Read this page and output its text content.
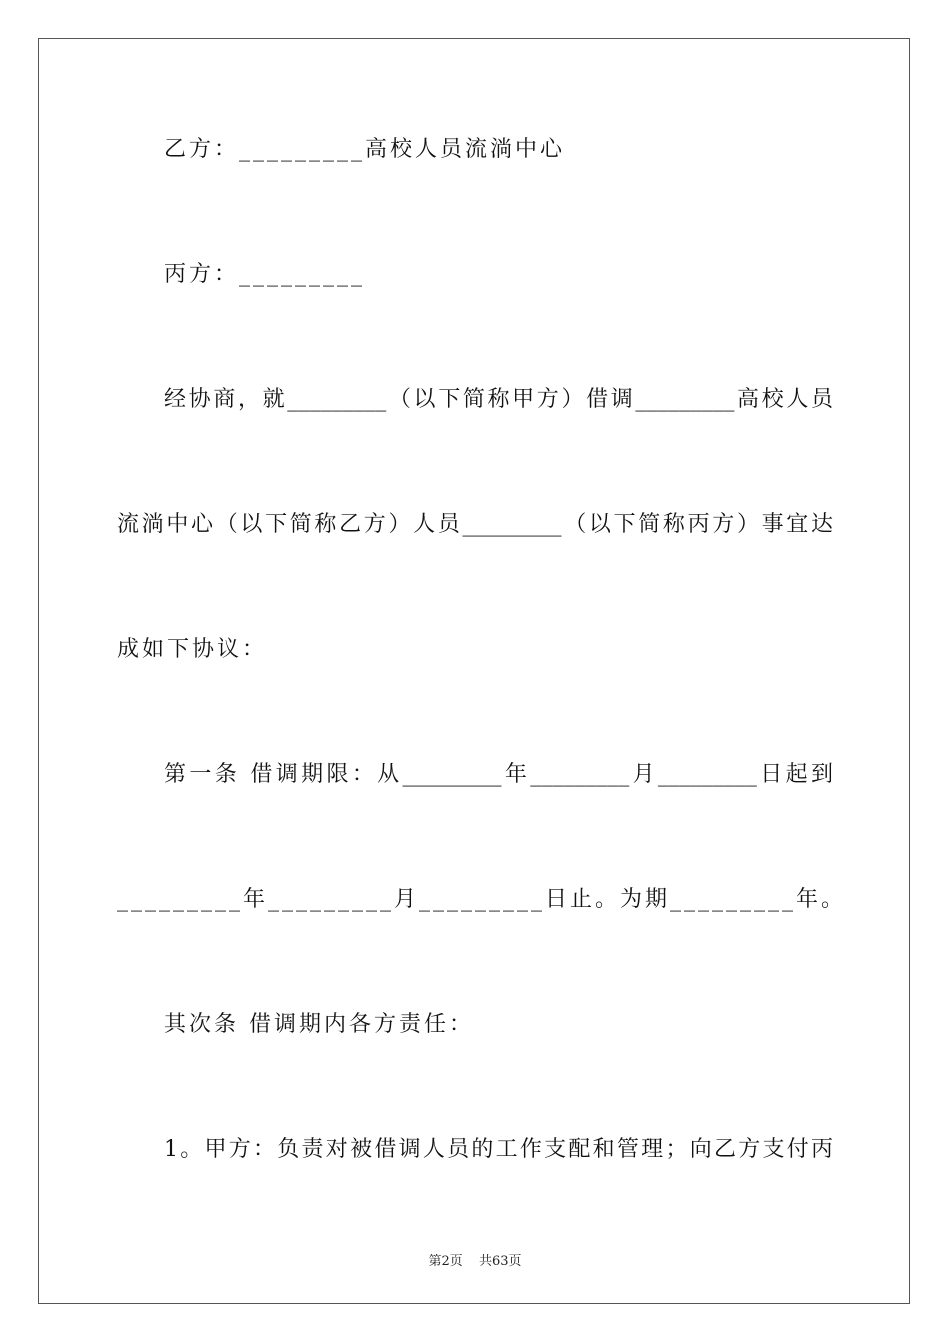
乙方：_________高校人员流淌中心
丙方：_________
经协商，就_________（以下简称甲方）借调_________高校人员
流淌中心（以下简称乙方）人员_________（以下简称丙方）事宜达
成如下协议：
第一条 借调期限：从_________年_________月_________日起到
_________年_________月_________日止。为期_________年。
其次条 借调期内各方责任：
1。甲方：负责对被借调人员的工作支配和管理；向乙方支付丙
第2页 共63页
